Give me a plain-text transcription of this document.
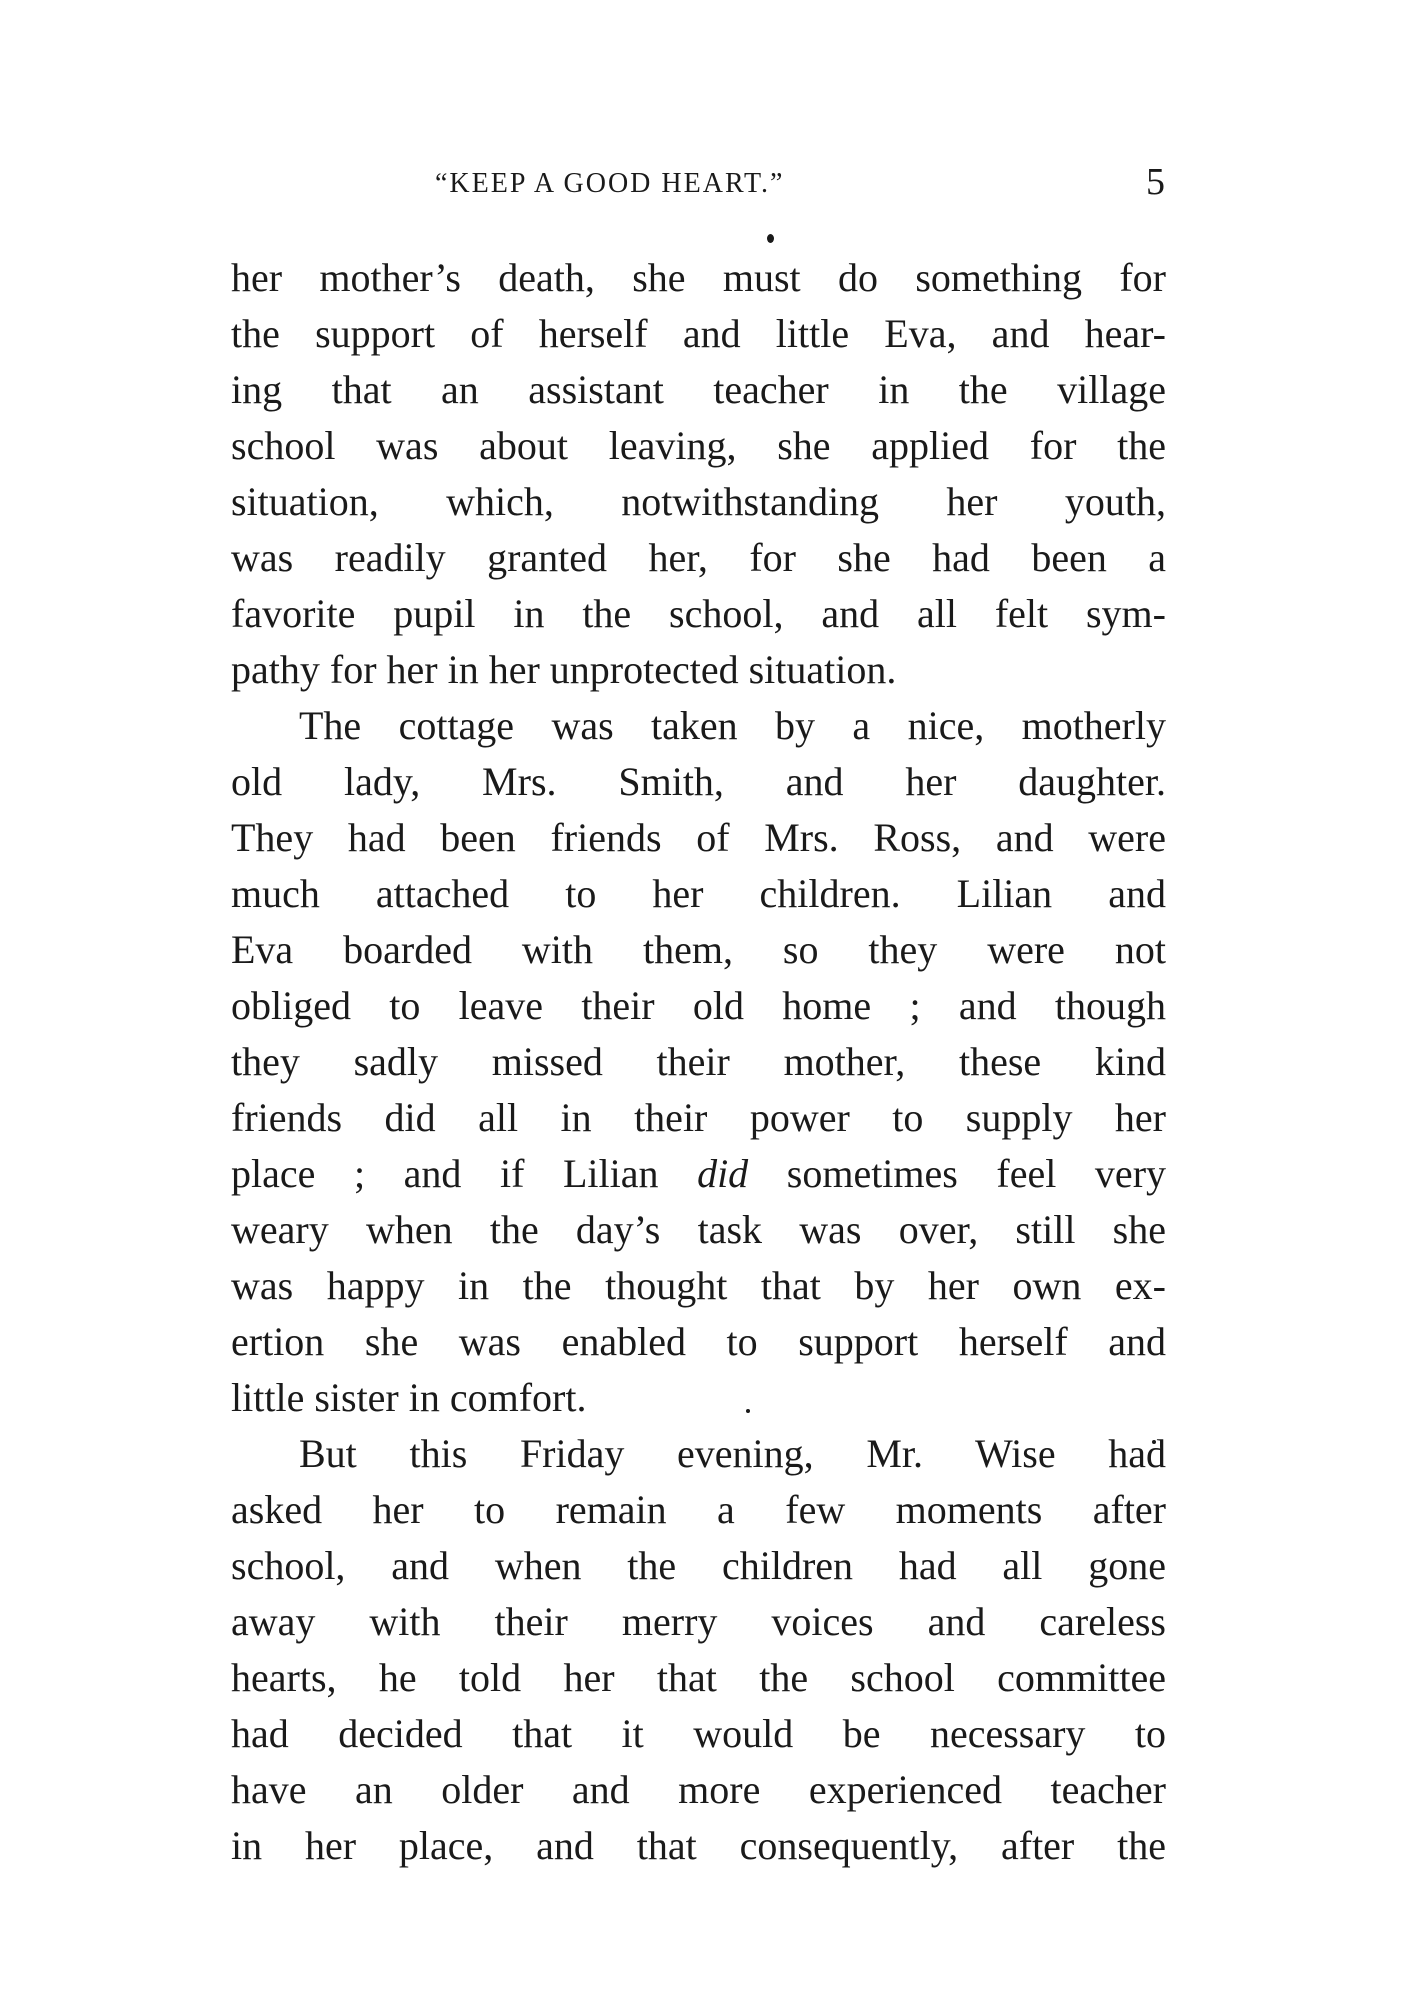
“KEEP A GOOD HEART.”	5
her mother’s death, she must do something for
the support of herself and little Eva, and hear-
ing that an assistant teacher in the village
school was about leaving, she applied for the
situation, which, notwithstanding her youth,
was readily granted her, for she had been a
favorite pupil in the school, and all felt sym-
pathy for her in her unprotected situation.
The cottage was taken by a nice, motherly
old lady, Mrs. Smith, and her daughter.
They had been friends of Mrs. Ross, and were
much attached to her children. Lilian and
Eva boarded with them, so they were not
obliged to leave their old home ; and though
they sadly missed their mother, these kind
friends did all in their power to supply her
place ; and if Lilian did sometimes feel very
weary when the day’s task was over, still she
was happy in the thought that by her own ex-
ertion she was enabled to support herself and
little sister in comfort.
But this Friday evening, Mr. Wise had
asked her to remain a few moments after
school, and when the children had all gone
away with their merry voices and careless
hearts, he told her that the school committee
had decided that it would be necessary to
have an older and more experienced teacher
in her place, and that consequently, after the
